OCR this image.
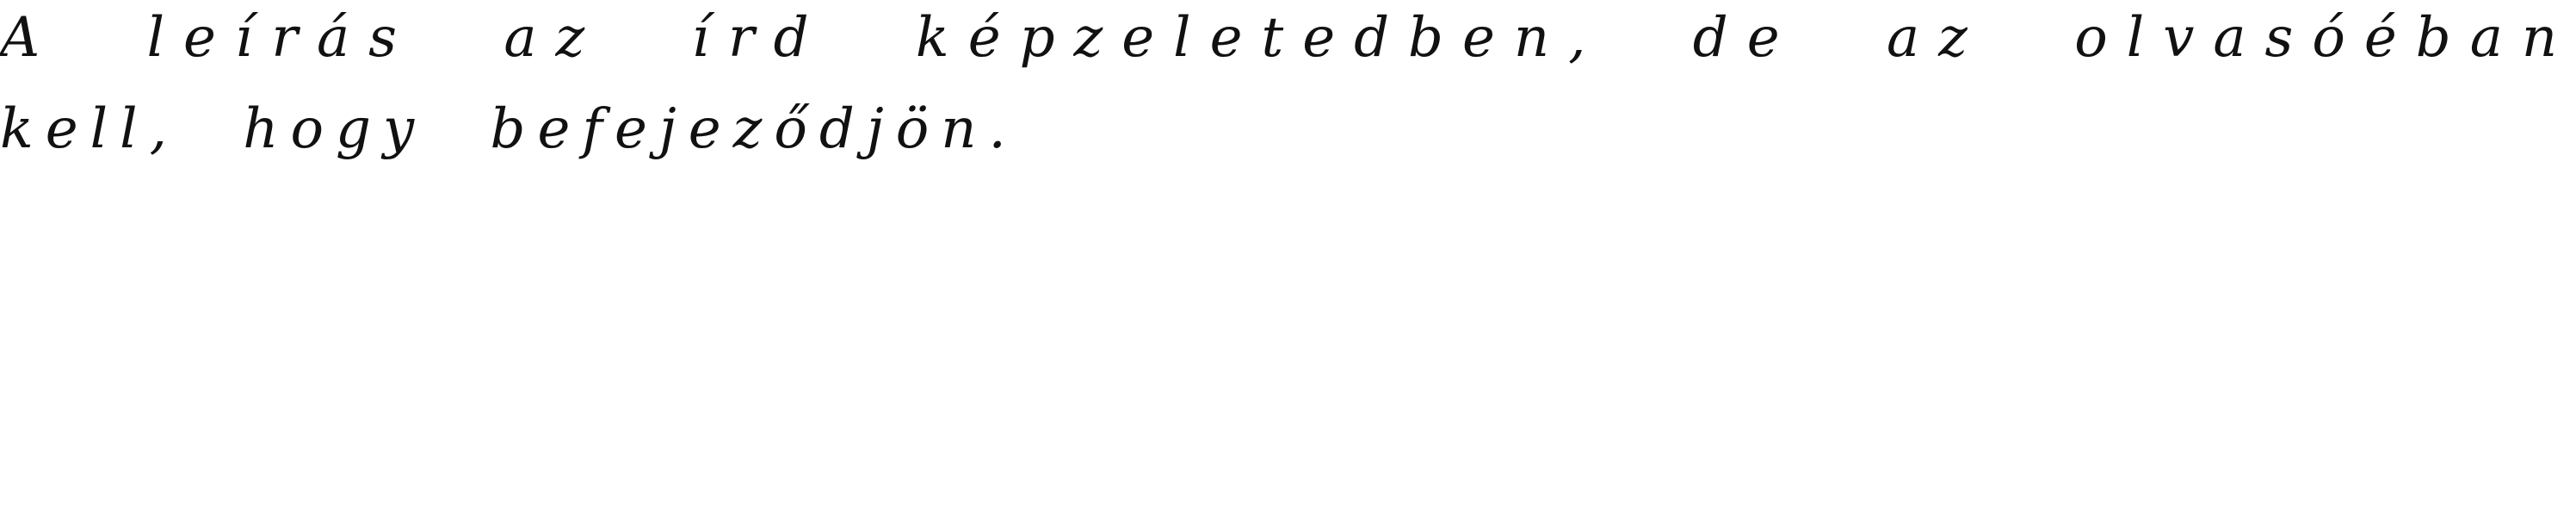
A leírás az írd képzeletedben, de az olvasóéban

kell, hogy befejeződjön.
